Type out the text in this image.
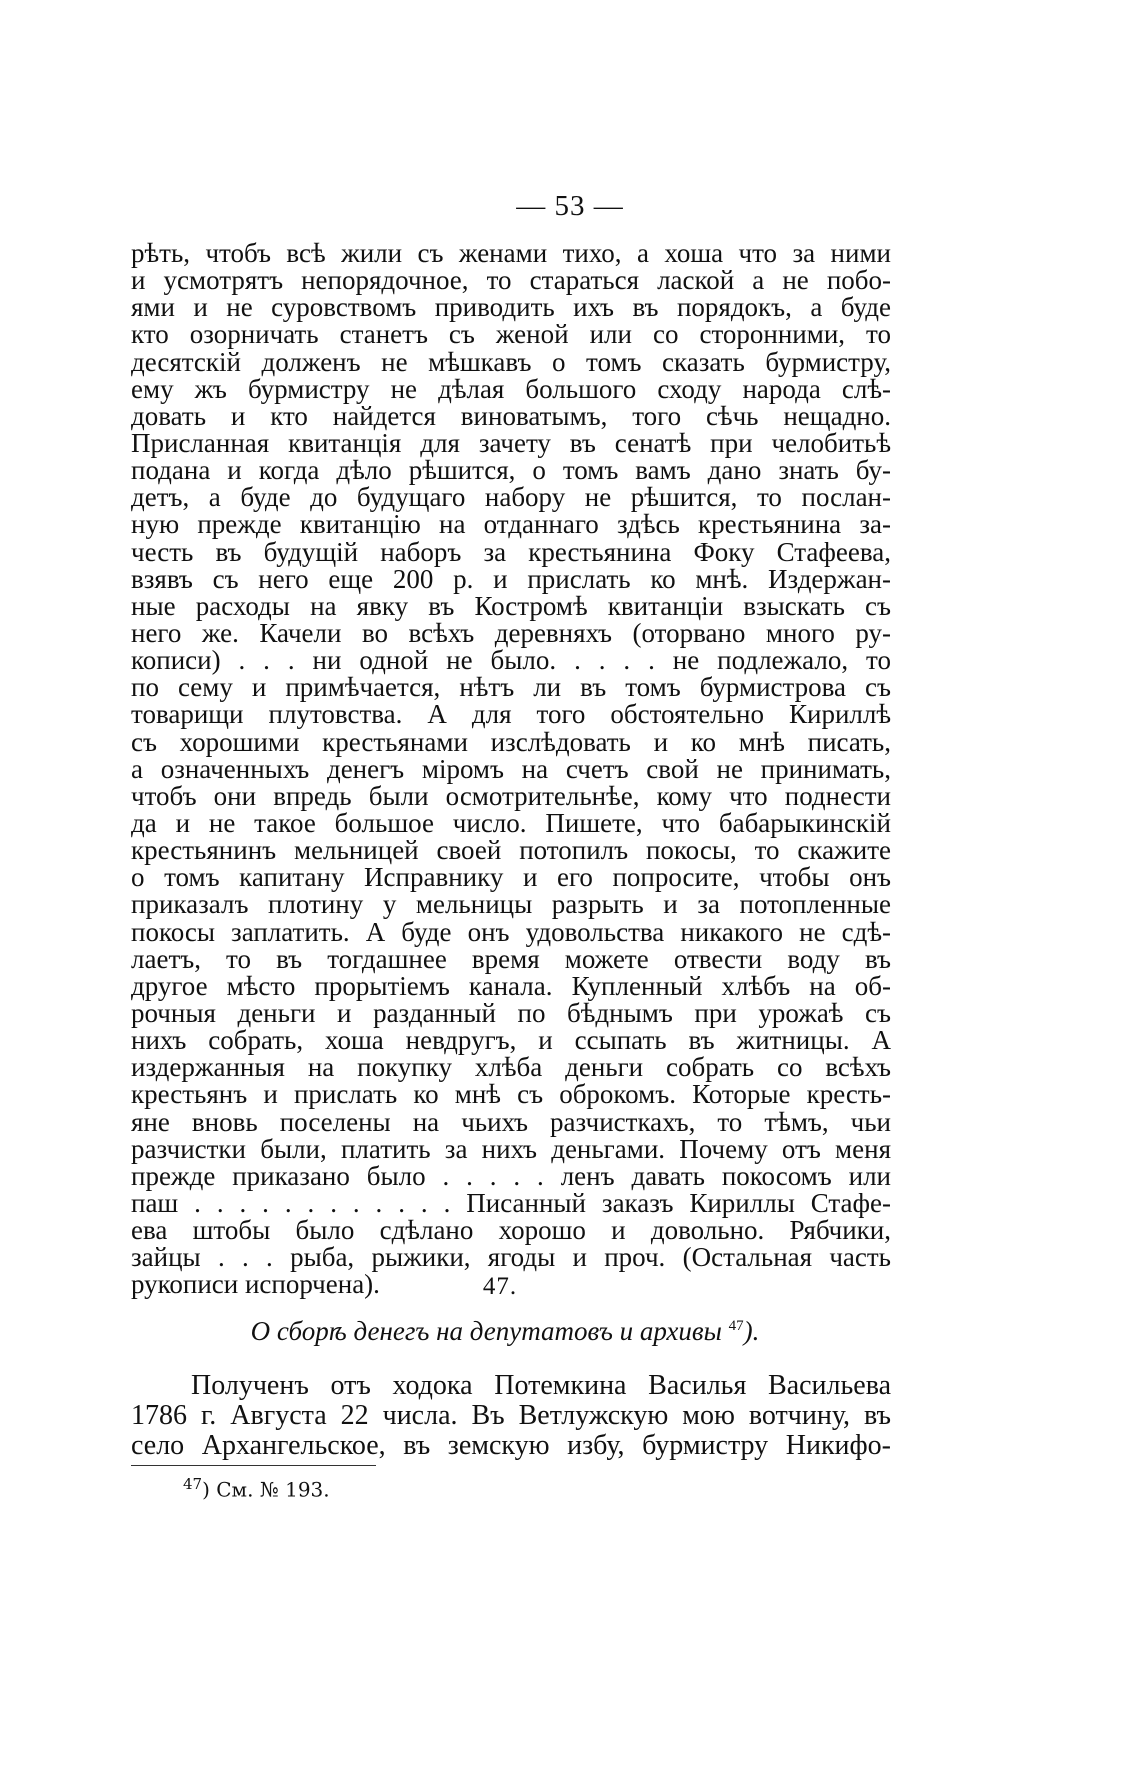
— 53 —
рѣть, чтобъ всѣ жили съ женами тихо, а хоша что за ними
и усмотрятъ непорядочное, то стараться лаской а не побо-
ями и не суровствомъ приводить ихъ въ порядокъ, а буде
кто озорничать станетъ съ женой или со сторонними, то
десятскій долженъ не мѣшкавъ о томъ сказать бурмистру,
ему жъ бурмистру не дѣлая большого сходу народа слѣ-
довать и кто найдется виноватымъ, того сѣчь нещадно.
Присланная квитанція для зачету въ сенатѣ при челобитьѣ
подана и когда дѣло рѣшится, о томъ вамъ дано знать бу-
детъ, а буде до будущаго набору не рѣшится, то послан-
ную прежде квитанцію на отданнаго здѣсь крестьянина за-
честь въ будущій наборъ за крестьянина Фоку Стафеева,
взявъ съ него еще 200 р. и прислать ко мнѣ. Издержан-
ные расходы на явку въ Костромѣ квитанціи взыскать съ
него же. Качели во всѣхъ деревняхъ (оторвано много ру-
кописи) . . . ни одной не было. . . . . не подлежало, то
по сему и примѣчается, нѣтъ ли въ томъ бурмистрова съ
товарищи плутовства. А для того обстоятельно Кириллѣ
съ хорошими крестьянами изслѣдовать и ко мнѣ писать,
а означенныхъ денегъ міромъ на счетъ свой не принимать,
чтобъ они впредь были осмотрительнѣе, кому что поднести
да и не такое большое число. Пишете, что бабарыкинскій
крестьянинъ мельницей своей потопилъ покосы, то скажите
о томъ капитану Исправнику и его попросите, чтобы онъ
приказалъ плотину у мельницы разрыть и за потопленные
покосы заплатить. А буде онъ удовольства никакого не сдѣ-
лаетъ, то въ тогдашнее время можете отвести воду въ
другое мѣсто прорытіемъ канала. Купленный хлѣбъ на об-
рочныя деньги и разданный по бѣднымъ при урожаѣ съ
нихъ собрать, хоша невдругъ, и ссыпать въ житницы. А
издержанныя на покупку хлѣба деньги собрать со всѣхъ
крестьянъ и прислать ко мнѣ съ оброкомъ. Которые кресть-
яне вновь поселены на чьихъ разчисткахъ, то тѣмъ, чьи
разчистки были, платить за нихъ деньгами. Почему отъ меня
прежде приказано было . . . . . ленъ давать покосомъ или
паш . . . . . . . . . . . . Писанный заказъ Кириллы Стафе-
ева штобы было сдѣлано хорошо и довольно. Рябчики,
зайцы . . . рыба, рыжики, ягоды и проч. (Остальная часть
рукописи испорчена).	47.
О сборѣ денегъ на депутатовъ и архивы $^{47}$).
Полученъ отъ ходока Потемкина Василья Васильева
1786 г. Августа 22 числа. Въ Ветлужскую мою вотчину, въ
село Архангельское, въ земскую избу, бурмистру Никифо-
$^{47}$) См. № 193.
